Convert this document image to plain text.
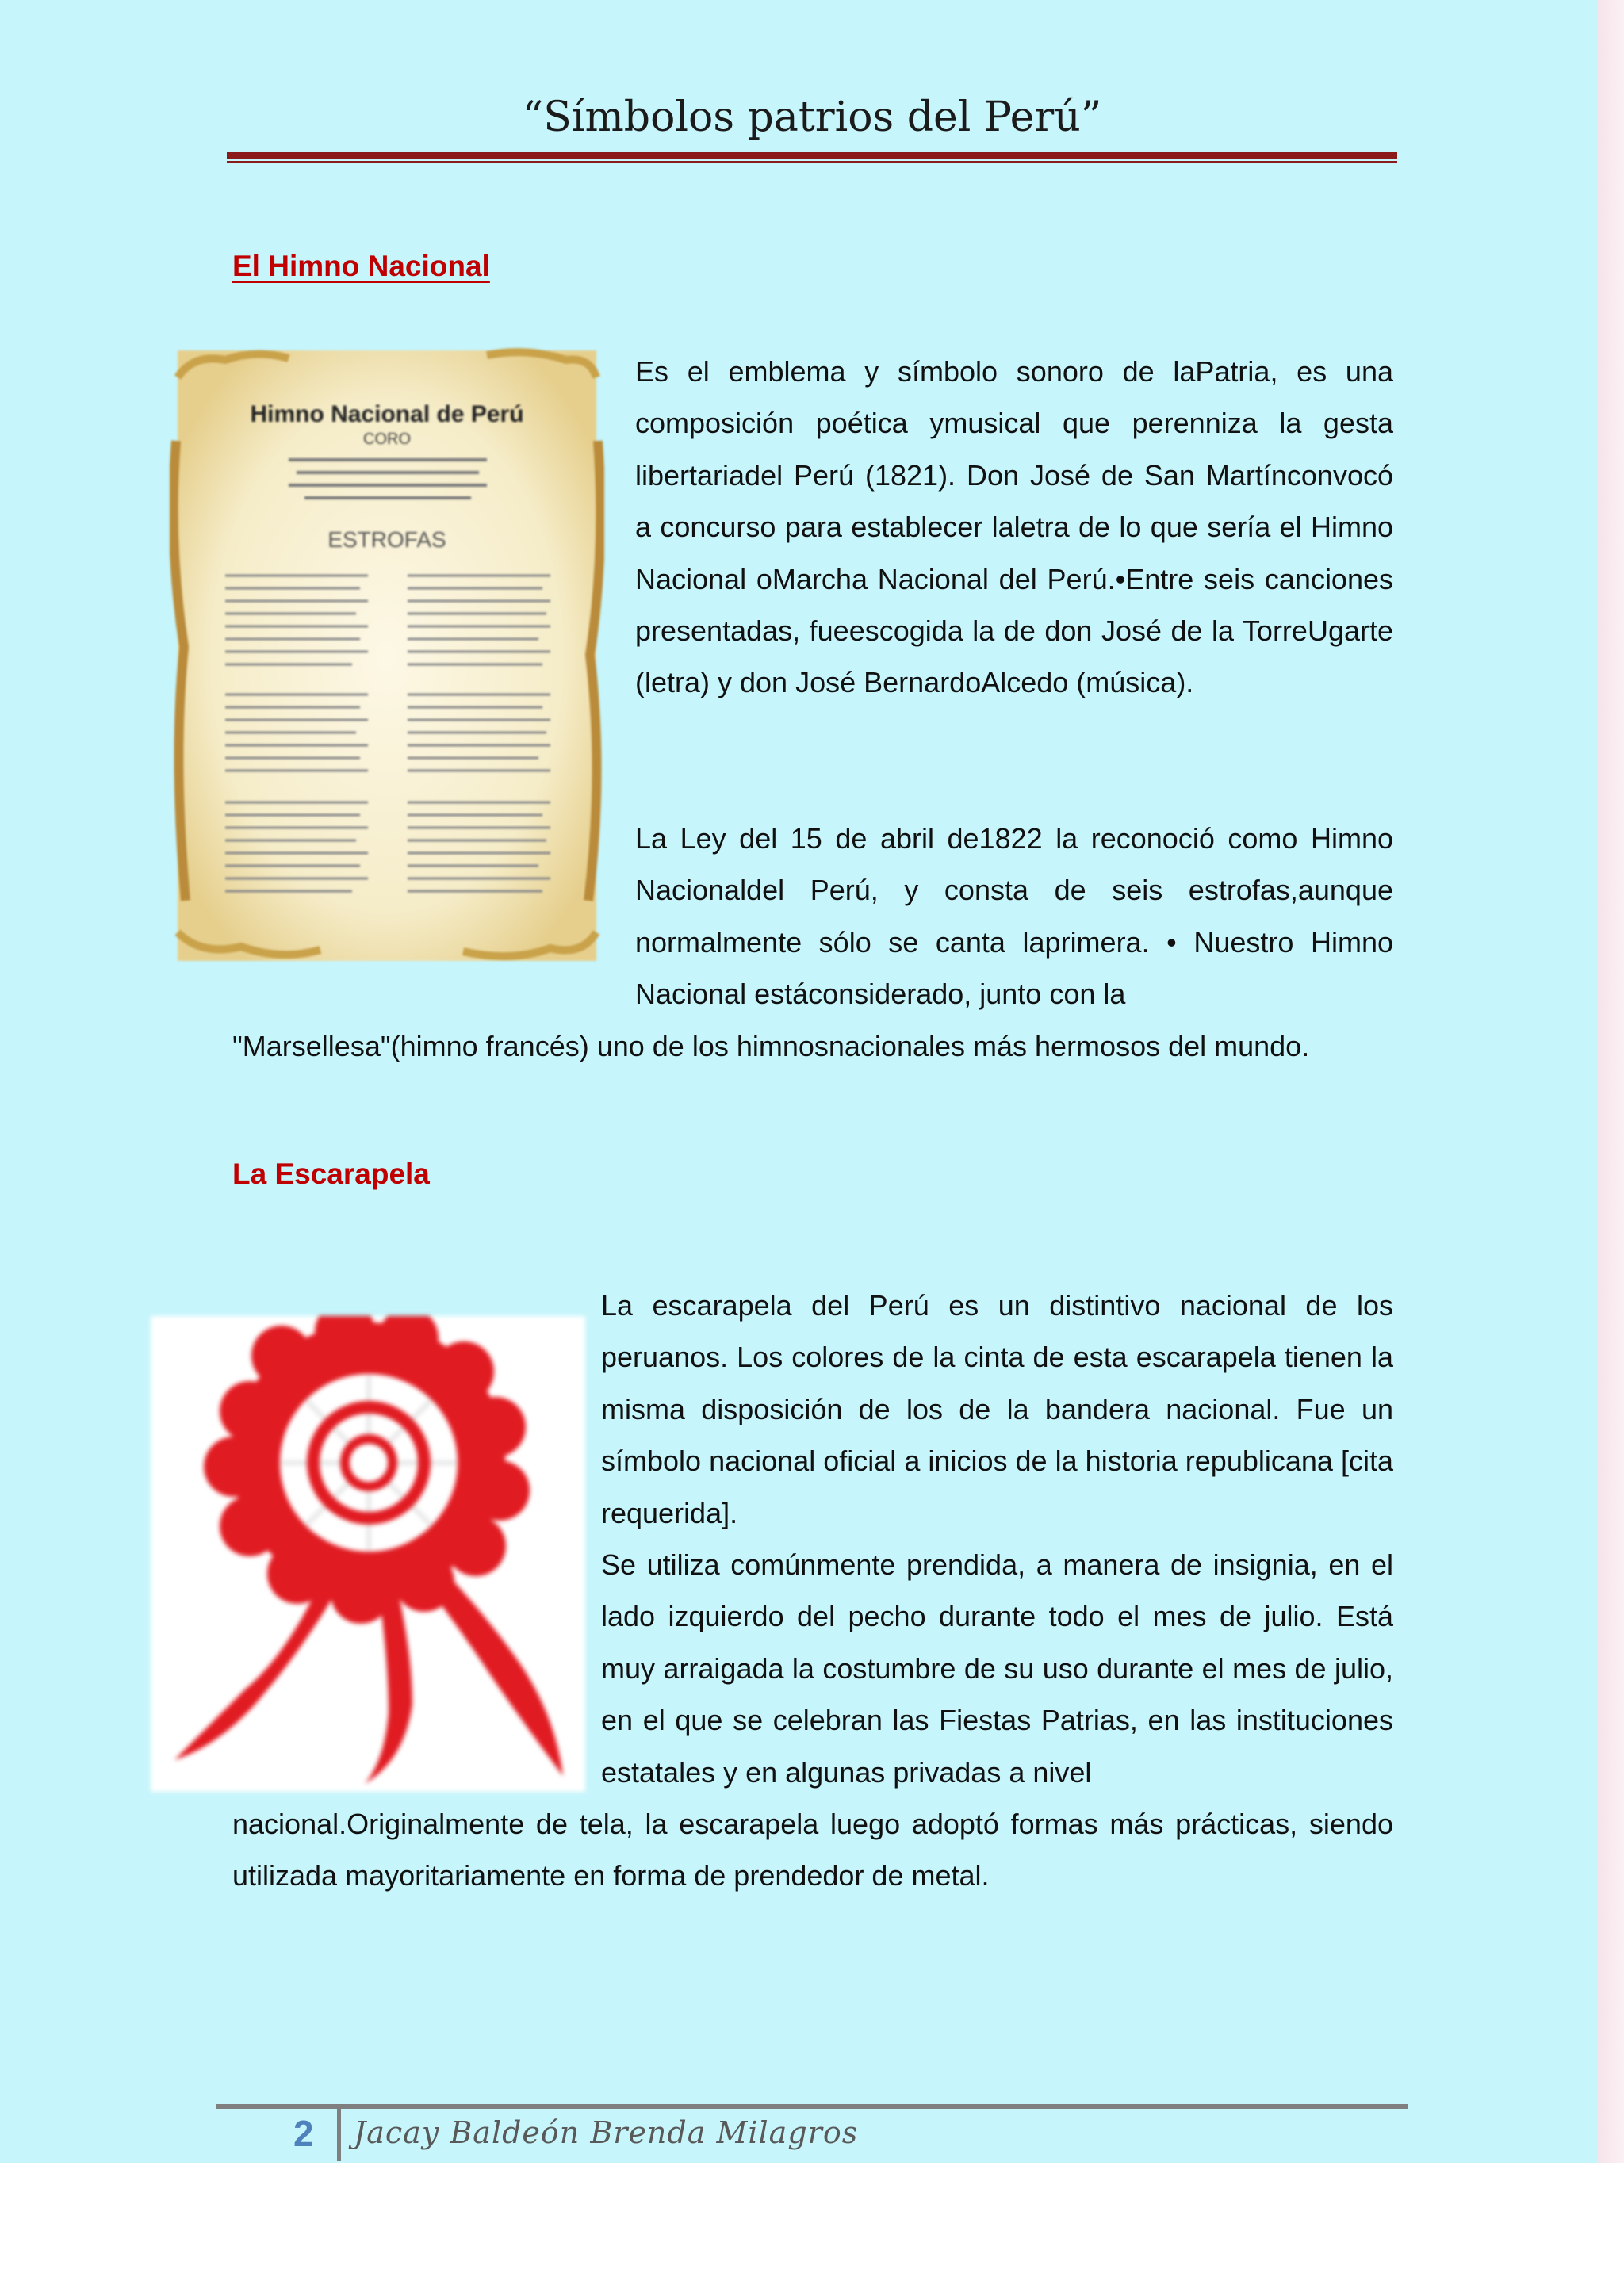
“Símbolos patrios del Perú”
El Himno Nacional
Himno Nacional de Perú
CORO
ESTROFAS

Es el emblema y símbolo sonoro de laPatria, es una composición poética ymusical que perenniza la gesta libertariadel Perú (1821). Don José de San Martínconvocó a concurso para establecer laletra de lo que sería el Himno Nacional oMarcha Nacional del Perú.•Entre seis canciones presentadas, fueescogida la de don José de la TorreUgarte (letra) y don José BernardoAlcedo (música).

La Ley del 15 de abril de1822 la reconoció como Himno Nacionaldel Perú, y consta de seis estrofas,aunque normalmente sólo se canta laprimera. • Nuestro Himno Nacional estáconsiderado, junto con la

"Marsellesa"(himno francés) uno de los himnosnacionales más hermosos del mundo.

La Escarapela

La escarapela del Perú es un distintivo nacional de los peruanos. Los colores de la cinta de esta escarapela tienen la misma disposición de los de la bandera nacional. Fue un símbolo nacional oficial a inicios de la historia republicana [cita requerida].

Se utiliza comúnmente prendida, a manera de insignia, en el lado izquierdo del pecho durante todo el mes de julio. Está muy arraigada la costumbre de su uso durante el mes de julio, en el que se celebran las Fiestas Patrias, en las instituciones estatales y en algunas privadas a nivel

nacional.Originalmente de tela, la escarapela luego adoptó formas más prácticas, siendo utilizada mayoritariamente en forma de prendedor de metal.

2 Jacay Baldeón Brenda Milagros
